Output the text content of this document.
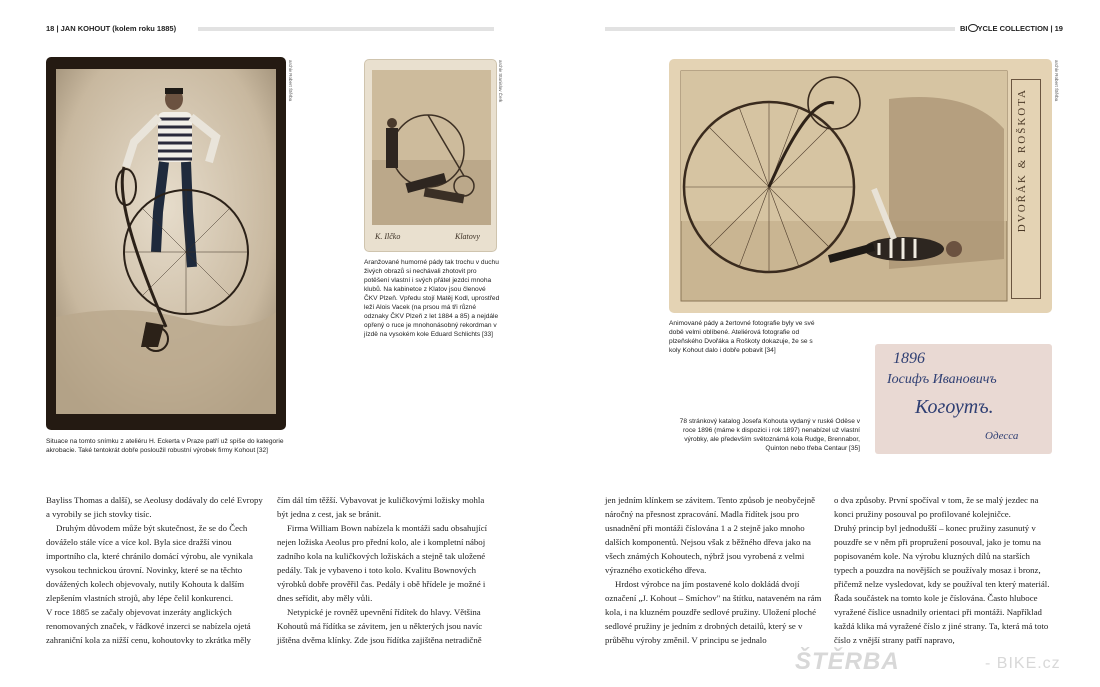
18 | JAN KOHOUT (kolem roku 1885)	BI YCLE COLLECTION | 19
archiv Robert Štěrba

Situace na tomto snímku z ateliéru H. Eckerta v Praze patří už spíše do kategorie akrobacie. Také tentokrát dobře posloužil robustní výrobek firmy Kohout [32]

K. Ilčko	Klatovy
archiv Stanislav Čerk

Aranžované humorné pády tak trochu v duchu živých obrazů si nechávali zhotovit pro potěšení vlastní i svých přátel jezdci mnoha klubů. Na kabinetce z Klatov jsou členové ČKV Plzeň. Vpředu stojí Matěj Kodl, uprostřed leží Alois Vacek (na prsou má tři různé odznaky ČKV Plzeň z let 1884 a 85) a nejdále opřený o ruce je mnohonásobný rekordman v jízdě na vysokém kole Eduard Schlichts [33]

DVOŘÁK & ROŠKOTA
archiv Robert Štěrba

Animované pády a žertovné fotografie byly ve své době velmi oblíbené. Ateliérová fotografie od plzeňského Dvořáka a Roškoty dokazuje, že se s koly Kohout dalo i dobře pobavit [34]	1896
Іосифъ Ивановичъ
Когоутъ.
Одесса

78 stránkový katalog Josefa Kohouta vydaný v ruské Oděse v roce 1896 (máme k dispozici i rok 1897) nenabízel už vlastní výrobky, ale především světoznámá kola Rudge, Brennabor, Quinton nebo třeba Centaur [35]

Bayliss Thomas a další), se Aeolusy dodávaly do celé Evropy a vyrobily se jich stovky tisíc.

Druhým důvodem může být skutečnost, že se do Čech dováželo stále více a více kol. Byla sice dražší vinou importního cla, které chránilo domácí výrobu, ale vynikala vysokou technickou úrovní. Novinky, které se na těchto dovážených kolech objevovaly, nutily Kohouta k dalším zlepšením vlastních strojů, aby lépe čelil konkurenci.

V roce 1885 se začaly objevovat inzeráty anglických renomovaných značek, v řádkové inzerci se nabízela ojetá zahraniční kola za nižší cenu, kohoutovky to zkrátka měly

čím dál tím těžší. Vybavovat je kuličkovými ložisky mohla být jedna z cest, jak se bránit.

Firma William Bown nabízela k montáži sadu obsahující nejen ložiska Aeolus pro přední kolo, ale i kompletní náboj zadního kola na kuličkových ložiskách a stejně tak uložené pedály. Tak je vybaveno i toto kolo. Kvalitu Bownových výrobků dobře prověřil čas. Pedály i obě hřídele je možné i dnes seřídit, aby měly vůli.

Netypické je rovněž upevnění řídítek do hlavy. Většina Kohoutů má řídítka se závitem, jen u některých jsou navíc jištěna dvěma klínky. Zde jsou řídítka zajištěna netradičně

jen jedním klínkem se závitem. Tento způsob je neobyčejně náročný na přesnost zpracování. Madla řídítek jsou pro usnadnění při montáži číslována 1 a 2 stejně jako mnoho dalších komponentů. Nejsou však z běžného dřeva jako na všech známých Kohoutech, nýbrž jsou vyrobená z velmi výrazného exotického dřeva.

Hrdost výrobce na jím postavené kolo dokládá dvojí označení „J. Kohout – Smíchov" na štítku, nataveném na rám kola, i na kluzném pouzdře sedlové pružiny. Uložení ploché sedlové pružiny je jedním z drobných detailů, který se v průběhu výroby změnil. V principu se jednalo

o dva způsoby. První spočíval v tom, že se malý jezdec na konci pružiny posouval po profilované kolejničce.

Druhý princip byl jednodušší – konec pružiny zasunutý v pouzdře se v něm při propružení posouval, jako je tomu na popisovaném kole. Na výrobu kluzných dílů na starších typech a pouzdra na novějších se používaly mosaz i bronz, přičemž nelze vysledovat, kdy se používal ten který materiál. Řada součástek na tomto kole je číslována. Často hluboce vyražené číslice usnadnily orientaci při montáži. Například každá klika má vyražené číslo z jiné strany. Ta, která má toto číslo z vnější strany patří napravo,

ŠTĚRBA	- BIKE.cz
